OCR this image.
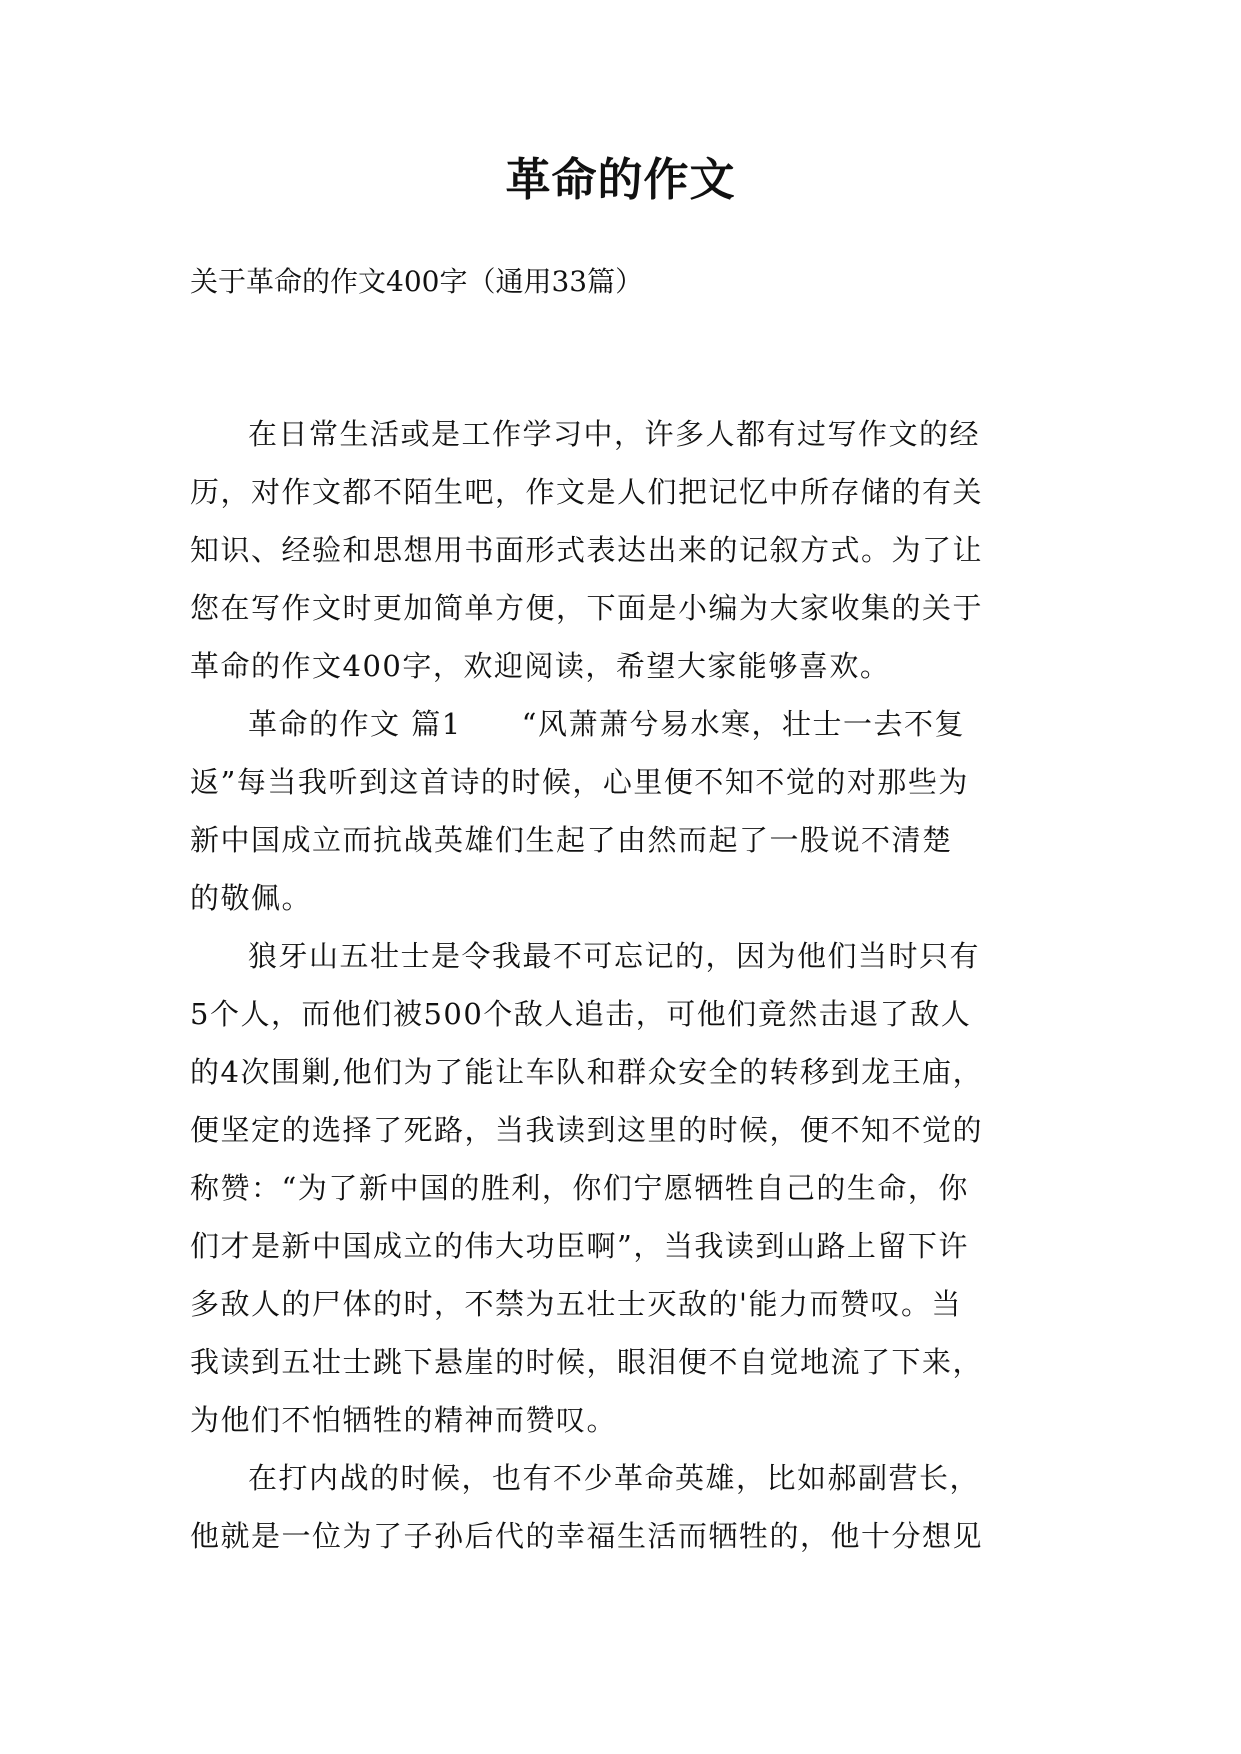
革命的作文

关于革命的作文400字（通用33篇）

在日常生活或是工作学习中，许多人都有过写作文的经
历，对作文都不陌生吧，作文是人们把记忆中所存储的有关
知识、经验和思想用书面形式表达出来的记叙方式。为了让
您在写作文时更加简单方便，下面是小编为大家收集的关于
革命的作文400字，欢迎阅读，希望大家能够喜欢。

革命的作文 篇1 “风萧萧兮易水寒，壮士一去不复
返”每当我听到这首诗的时候，心里便不知不觉的对那些为
新中国成立而抗战英雄们生起了由然而起了一股说不清楚
的敬佩。

狼牙山五壮士是令我最不可忘记的，因为他们当时只有
5个人，而他们被500个敌人追击，可他们竟然击退了敌人
的4次围剿,他们为了能让车队和群众安全的转移到龙王庙，
便坚定的选择了死路，当我读到这里的时候，便不知不觉的
称赞：“为了新中国的胜利，你们宁愿牺牲自己的生命，你
们才是新中国成立的伟大功臣啊”，当我读到山路上留下许
多敌人的尸体的时，不禁为五壮士灭敌的'能力而赞叹。当
我读到五壮士跳下悬崖的时候，眼泪便不自觉地流了下来，
为他们不怕牺牲的精神而赞叹。

在打内战的时候，也有不少革命英雄，比如郝副营长，
他就是一位为了子孙后代的幸福生活而牺牲的，他十分想见
